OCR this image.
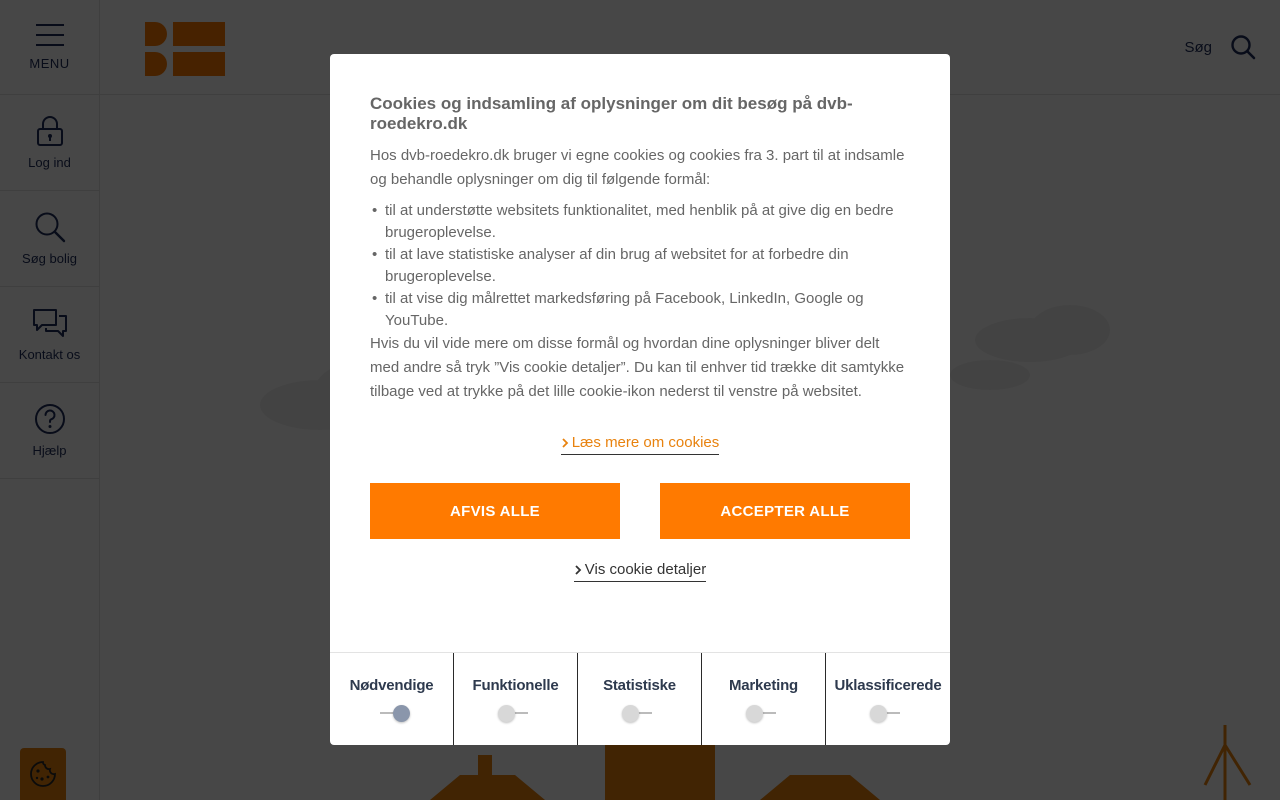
Cookies og indsamling af oplysninger om dit besøg på dvb-roedekro.dk

Hos dvb-roedekro.dk bruger vi egne cookies og cookies fra 3. part til at indsamle og behandle oplysninger om dig til følgende formål:

• til at understøtte websitets funktionalitet, med henblik på at give dig en bedre brugeroplevelse.
• til at lave statistiske analyser af din brug af websitet for at forbedre din brugeroplevelse.
• til at vise dig målrettet markedsføring på Facebook, LinkedIn, Google og YouTube.

Hvis du vil vide mere om disse formål og hvordan dine oplysninger bliver delt med andre så tryk ”Vis cookie detaljer”. Du kan til enhver tid trække dit samtykke tilbage ved at trykke på det lille cookie-ikon nederst til venstre på websitet.

Læs mere om cookies
AFVIS ALLE	ACCEPTER ALLE
Vis cookie detaljer
Nødvendige	Funktionelle	Statistiske	Marketing Uklassificerede
